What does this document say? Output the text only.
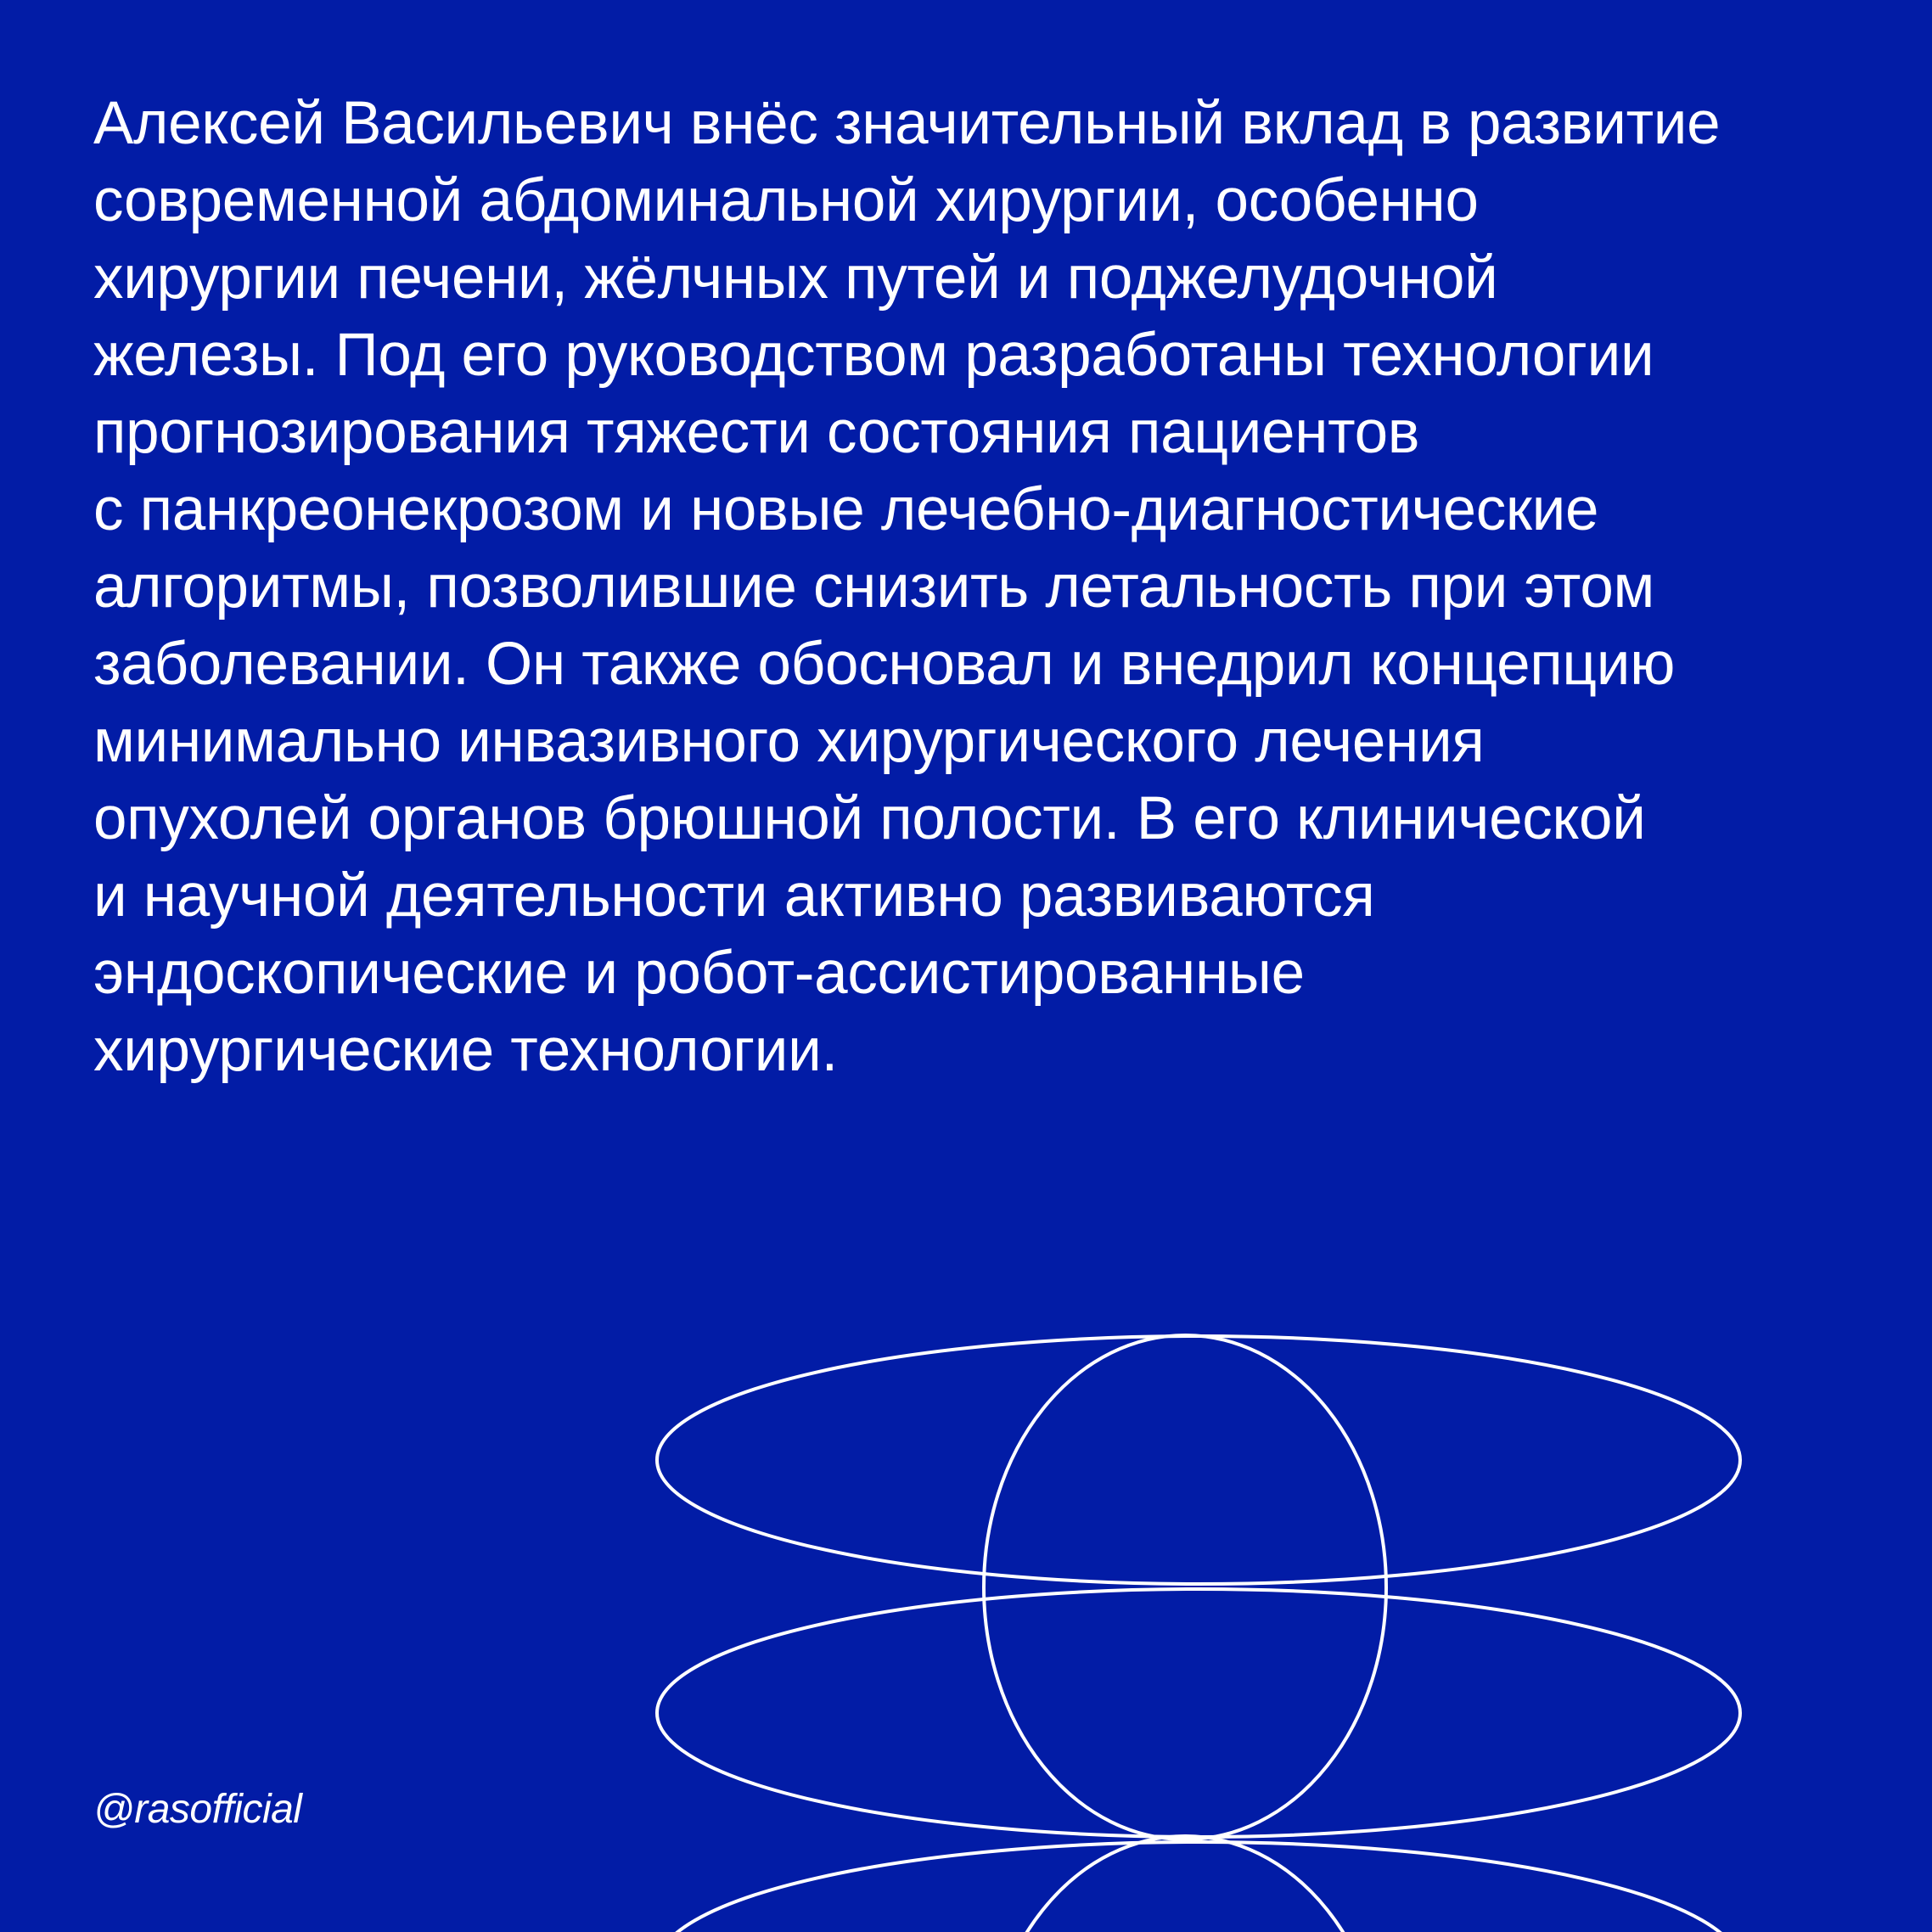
Алексей Васильевич внёс значительный вклад в развитие
современной абдоминальной хирургии, особенно
хирургии печени, жёлчных путей и поджелудочной
железы. Под его руководством разработаны технологии
прогнозирования тяжести состояния пациентов
с панкреонекрозом и новые лечебно-диагностические
алгоритмы, позволившие снизить летальность при этом
заболевании. Он также обосновал и внедрил концепцию
минимально инвазивного хирургического лечения
опухолей органов брюшной полости. В его клинической
и научной деятельности активно развиваются
эндоскопические и робот-ассистированные
хирургические технологии.

@rasofficial
